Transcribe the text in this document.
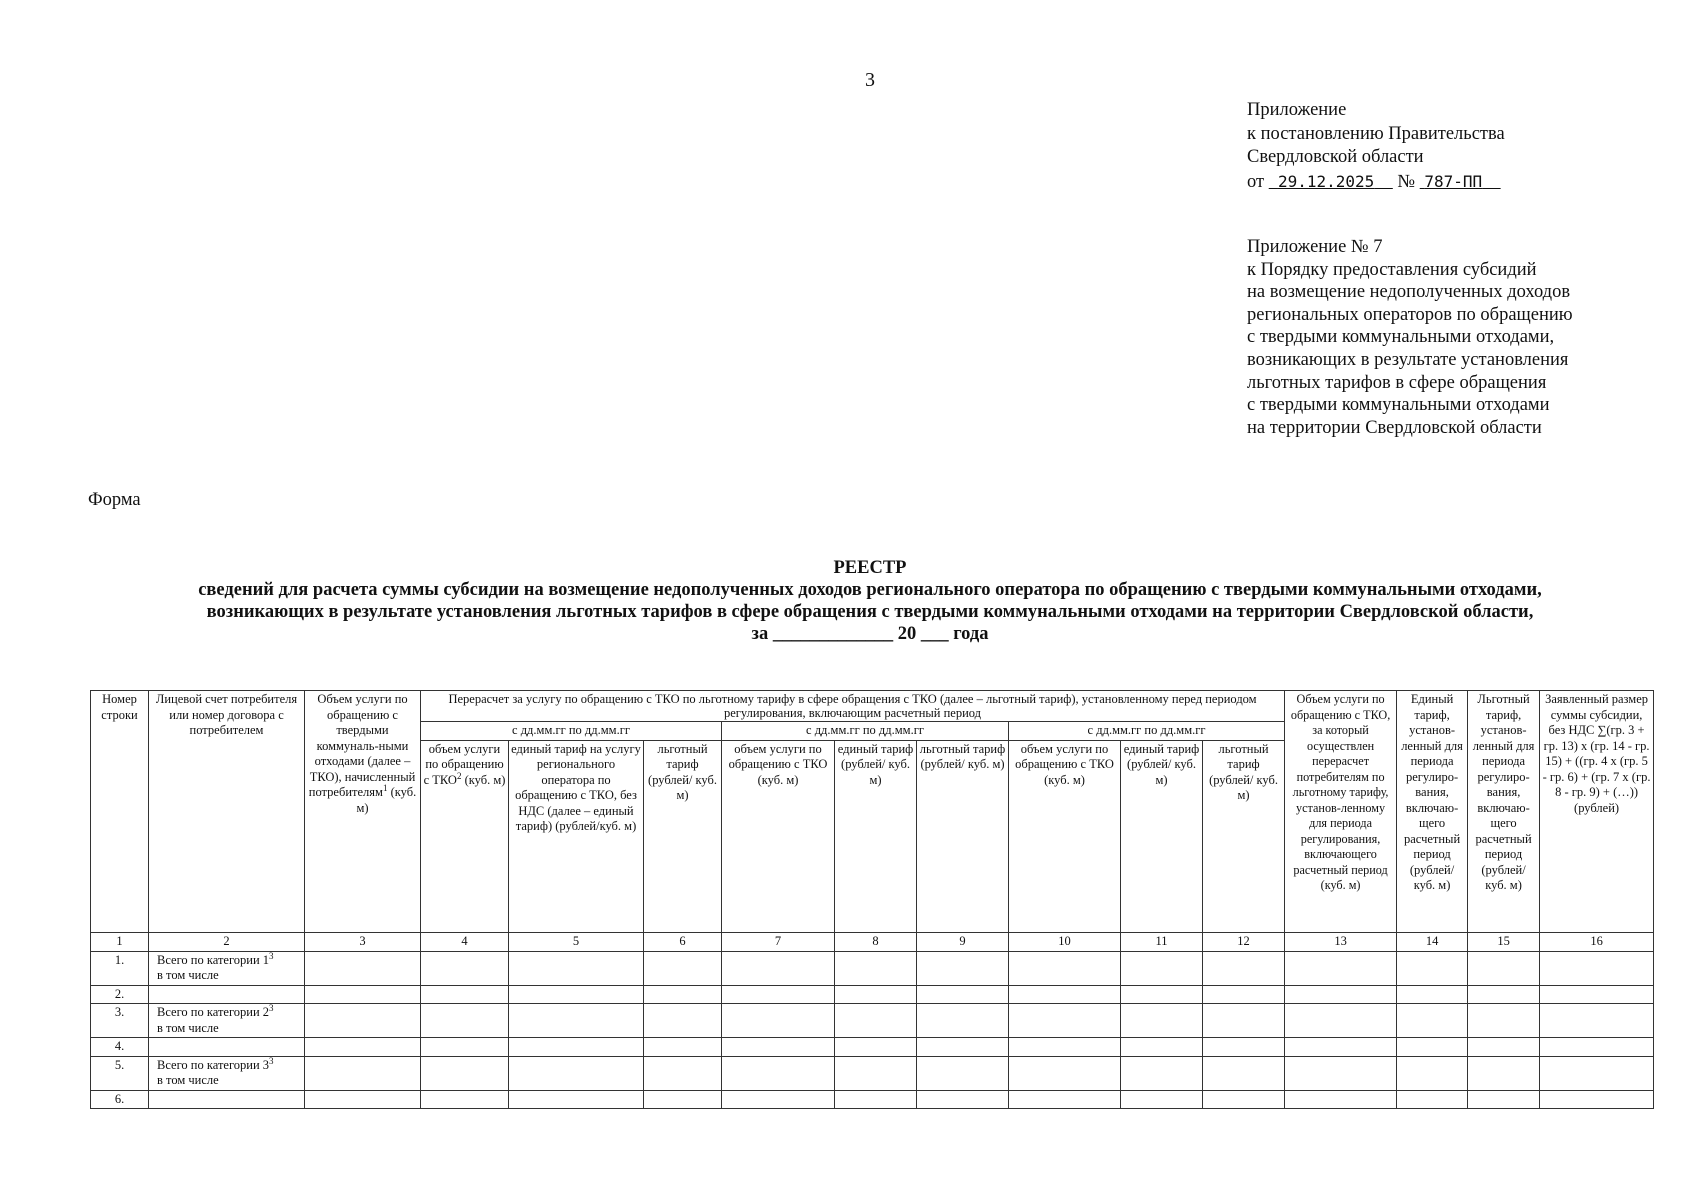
3
Приложение
к постановлению Правительства
Свердловской области
от 29.12.2025 № 787-ПП
Приложение № 7
к Порядку предоставления субсидий
на возмещение недополученных доходов
региональных операторов по обращению
с твердыми коммунальными отходами,
возникающих в результате установления
льготных тарифов в сфере обращения
с твердыми коммунальными отходами
на территории Свердловской области
Форма
РЕЕСТР
сведений для расчета суммы субсидии на возмещение недополученных доходов регионального оператора по обращению с твердыми коммунальными отходами,
возникающих в результате установления льготных тарифов в сфере обращения с твердыми коммунальными отходами на территории Свердловской области,
за _____________ 20 ___ года
Номер строки	Лицевой счет потребителя или номер договора с потребителем	Объем услуги по обращению с твердыми коммуналь-ными отходами (далее – ТКО), начисленный потребителям$^1$ (куб. м)	Перерасчет за услугу по обращению с ТКО по льготному тарифу в сфере обращения с ТКО (далее – льготный тариф), установленному перед периодом регулирования, включающим расчетный период									Объем услуги по обращению с ТКО, за который осуществлен перерасчет потребителям по льготному тарифу, установ-ленному для периода регулирования, включающего расчетный период (куб. м)	Единый тариф, установ-ленный для периода регулиро-вания, включаю-щего расчетный период (рублей/ куб. м)	Льготный тариф, установ-ленный для периода регулиро-вания, включаю-щего расчетный период (рублей/ куб. м)	Заявленный размер суммы субсидии, без НДС ∑(гр. 3 + гр. 13) х (гр. 14 - гр. 15) + ((гр. 4 х (гр. 5 - гр. 6) + (гр. 7 х (гр. 8 - гр. 9) + (…)) (рублей)
			с дд.мм.гг по дд.мм.гг			с дд.мм.гг по дд.мм.гг			с дд.мм.гг по дд.мм.гг						
			объем услуги по обращению с ТКО$^2$ (куб. м)	единый тариф на услугу регионального оператора по обращению с ТКО, без НДС (далее – единый тариф) (рублей/куб. м)	льготный тариф (рублей/ куб. м)	объем услуги по обращению с ТКО (куб. м)	единый тариф (рублей/ куб. м)	льготный тариф (рублей/ куб. м)	объем услуги по обращению с ТКО (куб. м)	единый тариф (рублей/ куб. м)	льготный тариф (рублей/ куб. м)				
1	2	3	4	5	6	7	8	9	10	11	12	13	14	15	16
1.	Всего по категории $1^3$
в том числе														
2.															
3.	Всего по категории $2^3$
в том числе														
4.															
5.	Всего по категории $3^3$
в том числе														
6.															
